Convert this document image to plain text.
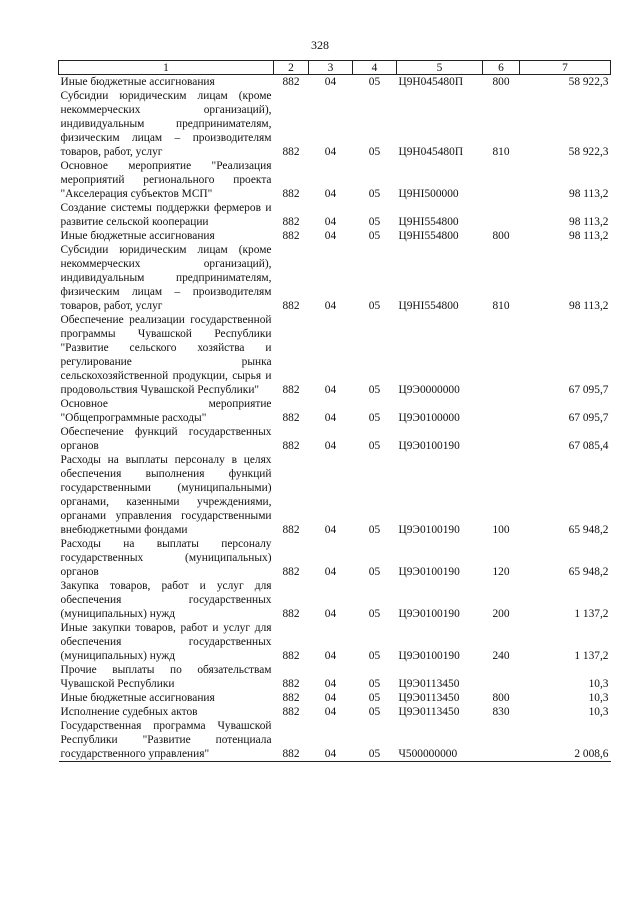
328
1	2	3	4	5	6	7
Иные бюджетные ассигнования	882	04	05	Ц9Н045480П	800	58 922,3
Субсидии юридическим лицам (кроме некоммерческих организаций), индивидуальным предпринимателям, физическим лицам – производителям товаров, работ, услуг	882	04	05	Ц9Н045480П	810	58 922,3
Основное мероприятие "Реализация мероприятий регионального проекта "Акселерация субъектов МСП"	882	04	05	Ц9НI500000		98 113,2
Создание системы поддержки фермеров и развитие сельской кооперации	882	04	05	Ц9НI554800		98 113,2
Иные бюджетные ассигнования	882	04	05	Ц9НI554800	800	98 113,2
Субсидии юридическим лицам (кроме некоммерческих организаций), индивидуальным предпринимателям, физическим лицам – производителям товаров, работ, услуг	882	04	05	Ц9НI554800	810	98 113,2
Обеспечение реализации государственной программы Чувашской Республики "Развитие сельского хозяйства и регулирование рынка сельскохозяйственной продукции, сырья и продовольствия Чувашской Республики"	882	04	05	Ц9Э0000000		67 095,7
Основное мероприятие "Общепрограммные расходы"	882	04	05	Ц9Э0100000		67 095,7
Обеспечение функций государственных органов	882	04	05	Ц9Э0100190		67 085,4
Расходы на выплаты персоналу в целях обеспечения выполнения функций государственными (муниципальными) органами, казенными учреждениями, органами управления государственными внебюджетными фондами	882	04	05	Ц9Э0100190	100	65 948,2
Расходы на выплаты персоналу государственных (муниципальных) органов	882	04	05	Ц9Э0100190	120	65 948,2
Закупка товаров, работ и услуг для обеспечения государственных (муниципальных) нужд	882	04	05	Ц9Э0100190	200	1 137,2
Иные закупки товаров, работ и услуг для обеспечения государственных (муниципальных) нужд	882	04	05	Ц9Э0100190	240	1 137,2
Прочие выплаты по обязательствам Чувашской Республики	882	04	05	Ц9Э0113450		10,3
Иные бюджетные ассигнования	882	04	05	Ц9Э0113450	800	10,3
Исполнение судебных актов	882	04	05	Ц9Э0113450	830	10,3
Государственная программа Чувашской Республики "Развитие потенциала государственного управления"	882	04	05	Ч500000000		2 008,6
